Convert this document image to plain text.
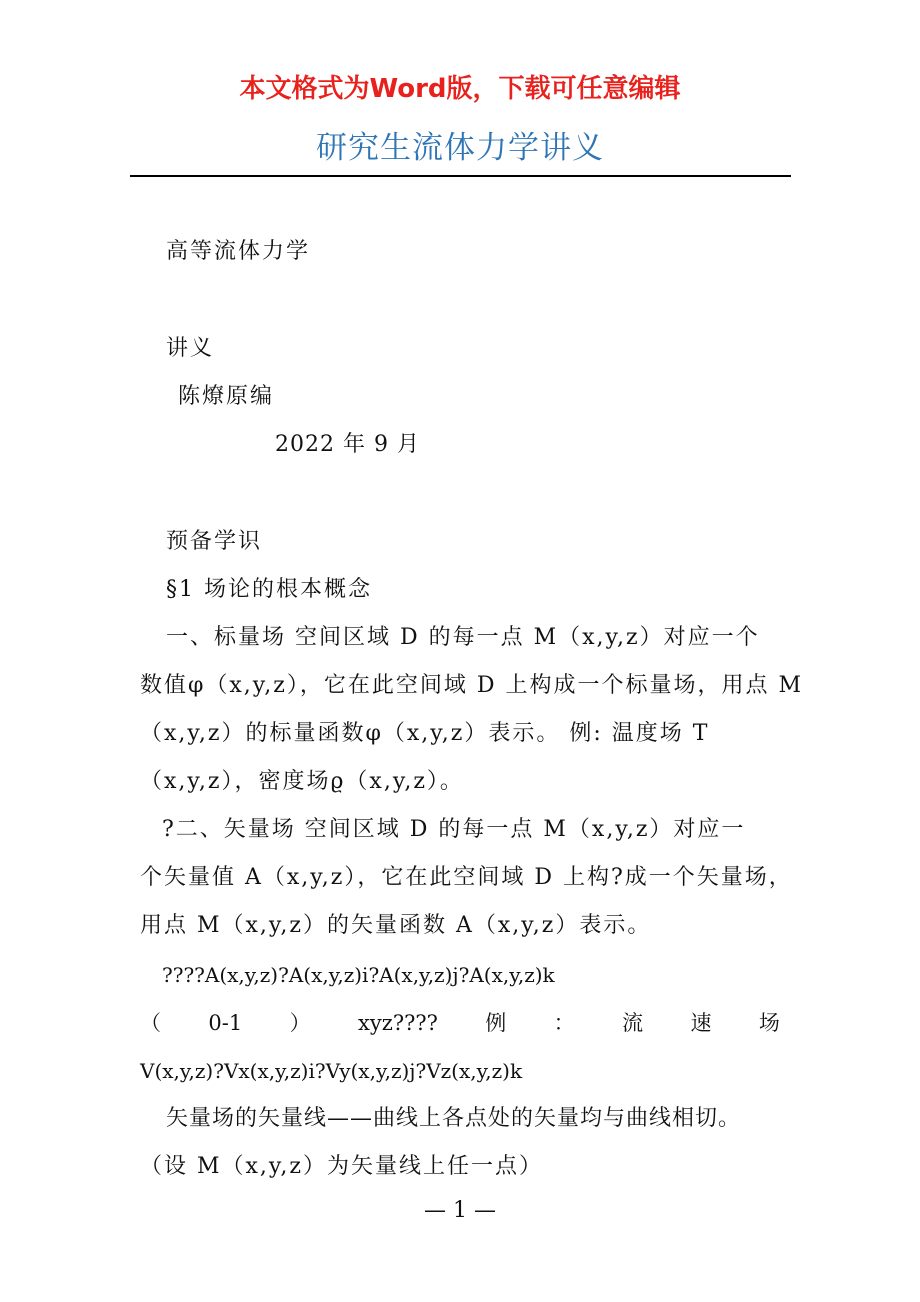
本文格式为Word版，下载可任意编辑
研究生流体力学讲义
高等流体力学
讲义
陈燎原编
2022 年 9 月
预备学识
§1 场论的根本概念
一、标量场 空间区域 D 的每一点 M（x,y,z）对应一个
数值φ（x,y,z），它在此空间域 D 上构成一个标量场，用点 M
（x,y,z）的标量函数φ（x,y,z）表示。 例: 温度场 T
（x,y,z），密度场ϱ（x,y,z）。
?二、矢量场 空间区域 D 的每一点 M（x,y,z）对应一
个矢量值 A（x,y,z），它在此空间域 D 上构?成一个矢量场，
用点 M（x,y,z）的矢量函数 A（x,y,z）表示。
????A(x,y,z)?A(x,y,z)i?A(x,y,z)j?A(x,y,z)k
（ 0-1 ） xyz???? 例 ： 流 速 场
V(x,y,z)?Vx(x,y,z)i?Vy(x,y,z)j?Vz(x,y,z)k
矢量场的矢量线——曲线上各点处的矢量均与曲线相切。
（设 M（x,y,z）为矢量线上任一点）
— 1 —
